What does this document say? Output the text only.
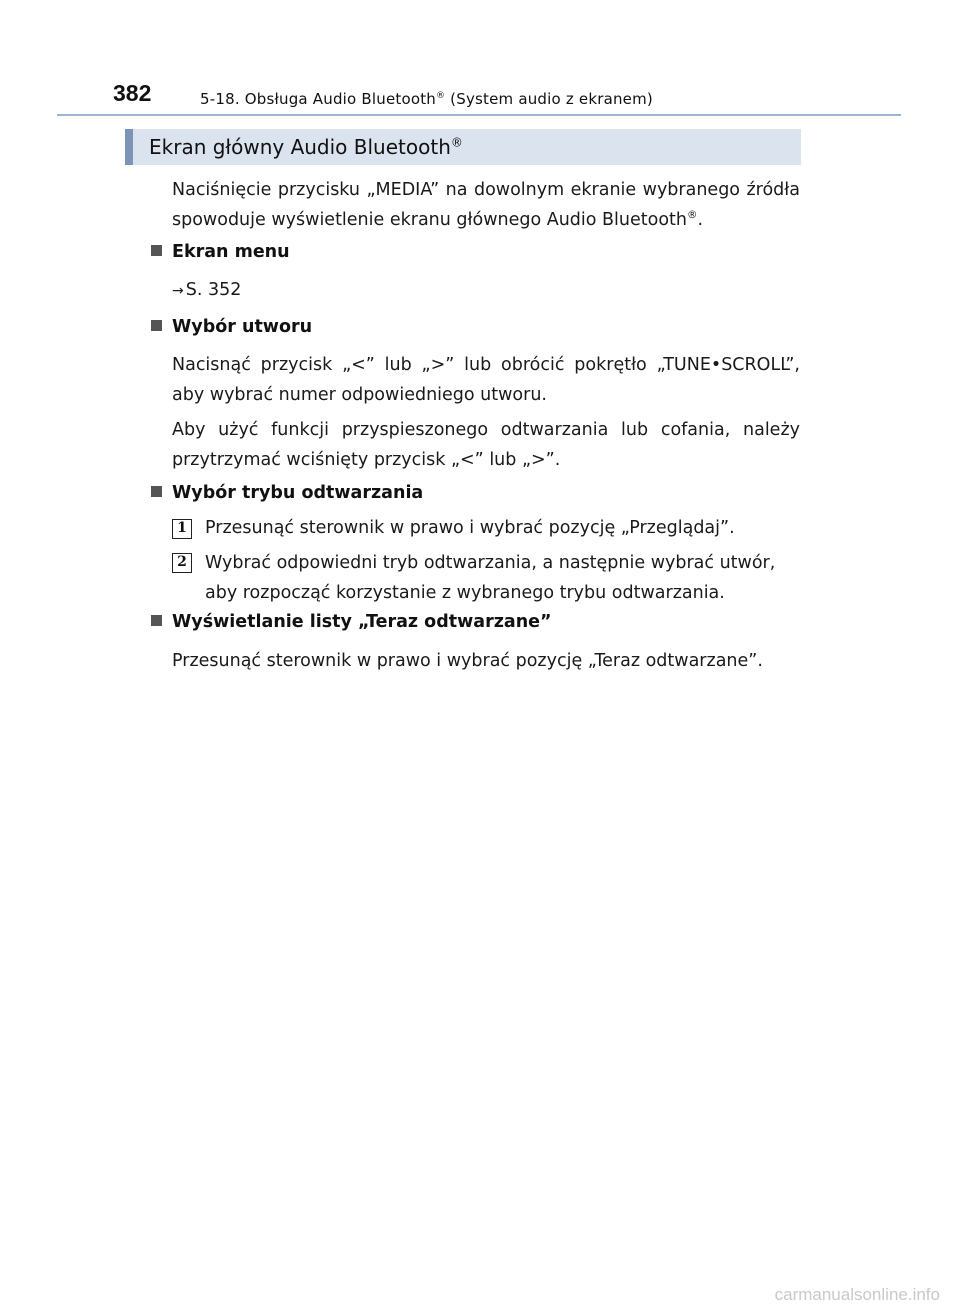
382	5-18. Obsługa Audio Bluetooth® (System audio z ekranem)
Ekran główny Audio Bluetooth®

Naciśnięcie przycisku „MEDIA” na dowolnym ekranie wybranego źródła spowoduje wyświetlenie ekranu głównego Audio Bluetooth®.

Ekran menu
→ S. 352
Wybór utworu

Nacisnąć przycisk „<” lub „>” lub obrócić pokrętło „TUNE•SCROLL”, aby wybrać numer odpowiedniego utworu.

Aby użyć funkcji przyspieszonego odtwarzania lub cofania, należy przytrzymać wciśnięty przycisk „<” lub „>”.

Wybór trybu odtwarzania
1 Przesunąć sterownik w prawo i wybrać pozycję „Przeglądaj”.

2 Wybrać odpowiedni tryb odtwarzania, a następnie wybrać utwór, aby rozpocząć korzystanie z wybranego trybu odtwarzania.

Wyświetlanie listy „Teraz odtwarzane”

Przesunąć sterownik w prawo i wybrać pozycję „Teraz odtwarzane”.

carmanualsonline.info
